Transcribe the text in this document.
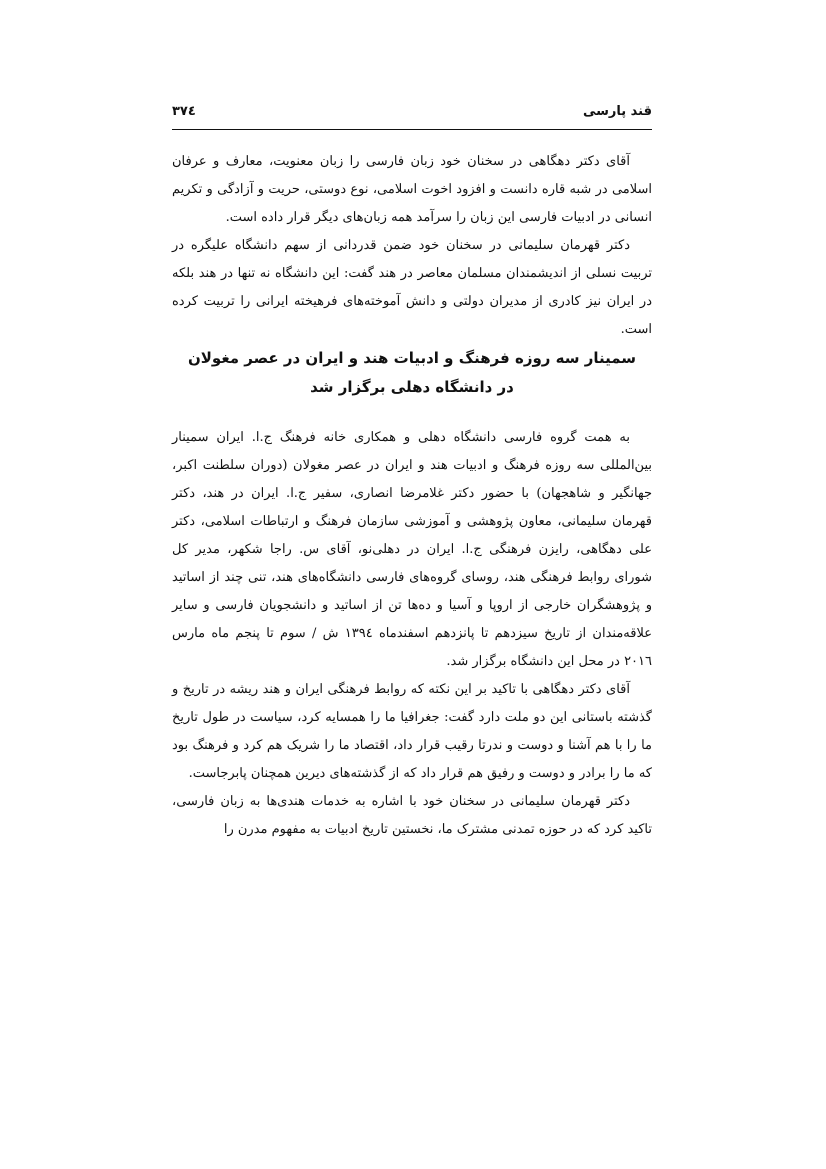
قند پارسی
۳۷٤

آقای دکتر دهگاهی در سخنان خود زبان فارسی را زبان معنویت، معارف و عرفان اسلامی در شبه قاره دانست و افزود اخوت اسلامی، نوع دوستی، حریت و آزادگی و تکریم انسانی در ادبیات فارسی این زبان را سرآمد همه زبان‌های دیگر قرار داده است.

دکتر قهرمان سلیمانی در سخنان خود ضمن قدردانی از سهم دانشگاه علیگره در تربیت نسلی از اندیشمندان مسلمان معاصر در هند گفت: این دانشگاه نه تنها در هند بلکه در ایران نیز کادری از مدیران دولتی و دانش آموخته‌های فرهیخته ایرانی را تربیت کرده است.

سمینار سه روزه فرهنگ و ادبیات هند و ایران در عصر مغولان
در دانشگاه دهلی برگزار شد

به همت گروه فارسی دانشگاه دهلی و همکاری خانه فرهنگ ج.ا. ایران سمینار بین‌المللی سه روزه فرهنگ و ادبیات هند و ایران در عصر مغولان (دوران سلطنت اکبر، جهانگیر و شاهجهان) با حضور دکتر غلامرضا انصاری، سفیر ج.ا. ایران در هند، دکتر قهرمان سلیمانی، معاون پژوهشی و آموزشی سازمان فرهنگ و ارتباطات اسلامی، دکتر علی دهگاهی، رایزن فرهنگی ج.ا. ایران در دهلی‌نو، آقای س. راجا شکهر، مدیر کل شورای روابط فرهنگی هند، روسای گروه‌های فارسی دانشگاه‌های هند، تنی چند از اساتید و پژوهشگران خارجی از اروپا و آسیا و ده‌ها تن از اساتید و دانشجویان فارسی و سایر علاقه‌مندان از تاریخ سیزدهم تا پانزدهم اسفندماه ۱۳۹٤ ش / سوم تا پنجم ماه مارس ۲۰۱٦ در محل این دانشگاه برگزار شد.

آقای دکتر دهگاهی با تاکید بر این نکته که روابط فرهنگی ایران و هند ریشه در تاریخ و گذشته باستانی این دو ملت دارد گفت: جغرافیا ما را همسایه کرد، سیاست در طول تاریخ ما را با هم آشنا و دوست و ندرتا رقیب قرار داد، اقتصاد ما را شریک هم کرد و فرهنگ بود که ما را برادر و دوست و رفیق هم قرار داد که از گذشته‌های دیرین همچنان پابرجاست.

دکتر قهرمان سلیمانی در سخنان خود با اشاره به خدمات هندی‌ها به زبان فارسی، تاکید کرد که در حوزه تمدنی مشترک ما، نخستین تاریخ ادبیات به مفهوم مدرن را
